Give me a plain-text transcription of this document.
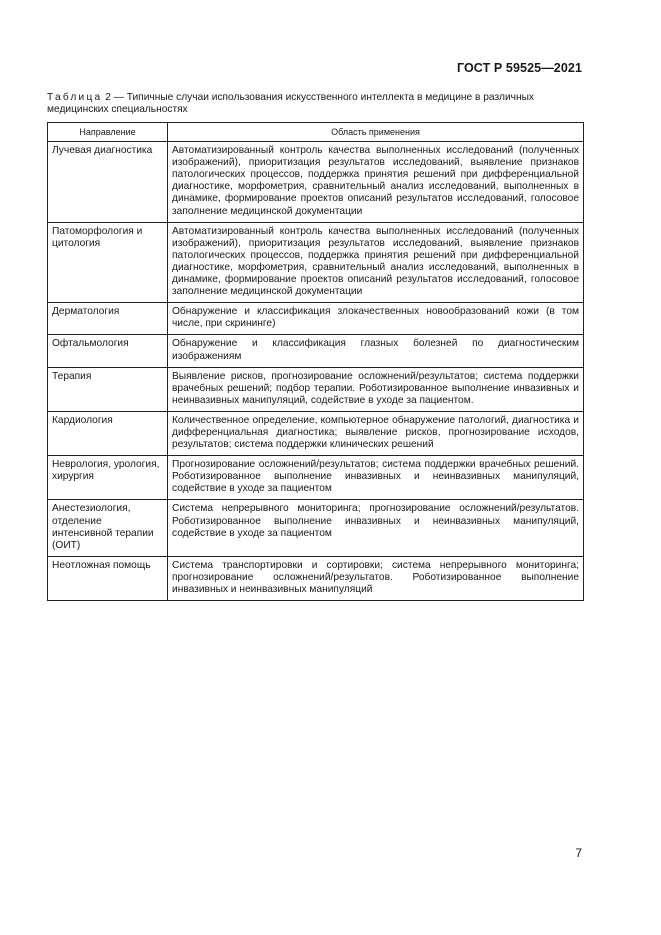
ГОСТ Р 59525—2021
Таблица 2 — Типичные случаи использования искусственного интеллекта в медицине в различных медицинских специальностях
Направление	Область применения
Лучевая диагностика	Автоматизированный контроль качества выполненных исследований (полученных изображений), приоритизация результатов исследований, выявление признаков патологических процессов, поддержка принятия решений при дифференциальной диагностике, морфометрия, сравнительный анализ исследований, выполненных в динамике, формирование проектов описаний результатов исследований, голосовое заполнение медицинской документации
Патоморфология и цитология	Автоматизированный контроль качества выполненных исследований (полученных изображений), приоритизация результатов исследований, выявление признаков патологических процессов, поддержка принятия решений при дифференциальной диагностике, морфометрия, сравнительный анализ исследований, выполненных в динамике, формирование проектов описаний результатов исследований, голосовое заполнение медицинской документации
Дерматология	Обнаружение и классификация злокачественных новообразований кожи (в том числе, при скрининге)
Офтальмология	Обнаружение и классификация глазных болезней по диагностическим изображениям
Терапия	Выявление рисков, прогнозирование осложнений/результатов; система поддержки врачебных решений; подбор терапии. Роботизированное выполнение инвазивных и неинвазивных манипуляций, содействие в уходе за пациентом.
Кардиология	Количественное определение, компьютерное обнаружение патологий, диагностика и дифференциальная диагностика; выявление рисков, прогнозирование исходов, результатов; система поддержки клинических решений
Неврология, урология, хирургия	Прогнозирование осложнений/результатов; система поддержки врачебных решений. Роботизированное выполнение инвазивных и неинвазивных манипуляций, содействие в уходе за пациентом
Анестезиология, отделение интенсивной терапии (ОИТ)	Система непрерывного мониторинга; прогнозирование осложнений/результатов. Роботизированное выполнение инвазивных и неинвазивных манипуляций, содействие в уходе за пациентом
Неотложная помощь	Система транспортировки и сортировки; система непрерывного мониторинга; прогнозирование осложнений/результатов. Роботизированное выполнение инвазивных и неинвазивных манипуляций
7
